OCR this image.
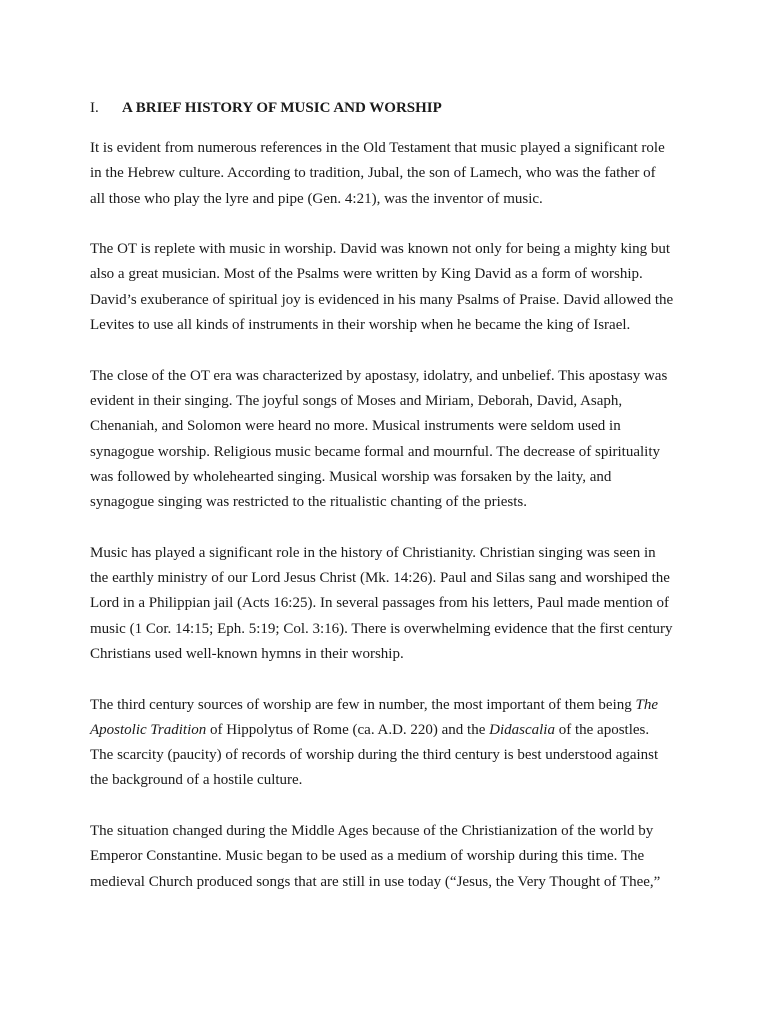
I. A BRIEF HISTORY OF MUSIC AND WORSHIP
It is evident from numerous references in the Old Testament that music played a significant role
in the Hebrew culture. According to tradition, Jubal, the son of Lamech, who was the father of
all those who play the lyre and pipe (Gen. 4:21), was the inventor of music.
The OT is replete with music in worship. David was known not only for being a mighty king but
also a great musician. Most of the Psalms were written by King David as a form of worship.
David’s exuberance of spiritual joy is evidenced in his many Psalms of Praise. David allowed the
Levites to use all kinds of instruments in their worship when he became the king of Israel.
The close of the OT era was characterized by apostasy, idolatry, and unbelief. This apostasy was
evident in their singing. The joyful songs of Moses and Miriam, Deborah, David, Asaph,
Chenaniah, and Solomon were heard no more. Musical instruments were seldom used in
synagogue worship. Religious music became formal and mournful. The decrease of spirituality
was followed by wholehearted singing. Musical worship was forsaken by the laity, and
synagogue singing was restricted to the ritualistic chanting of the priests.
Music has played a significant role in the history of Christianity. Christian singing was seen in
the earthly ministry of our Lord Jesus Christ (Mk. 14:26). Paul and Silas sang and worshiped the
Lord in a Philippian jail (Acts 16:25). In several passages from his letters, Paul made mention of
music (1 Cor. 14:15; Eph. 5:19; Col. 3:16). There is overwhelming evidence that the first century
Christians used well-known hymns in their worship.
The third century sources of worship are few in number, the most important of them being The
Apostolic Tradition of Hippolytus of Rome (ca. A.D. 220) and the Didascalia of the apostles.
The scarcity (paucity) of records of worship during the third century is best understood against
the background of a hostile culture.
The situation changed during the Middle Ages because of the Christianization of the world by
Emperor Constantine. Music began to be used as a medium of worship during this time. The
medieval Church produced songs that are still in use today (“Jesus, the Very Thought of Thee,”
